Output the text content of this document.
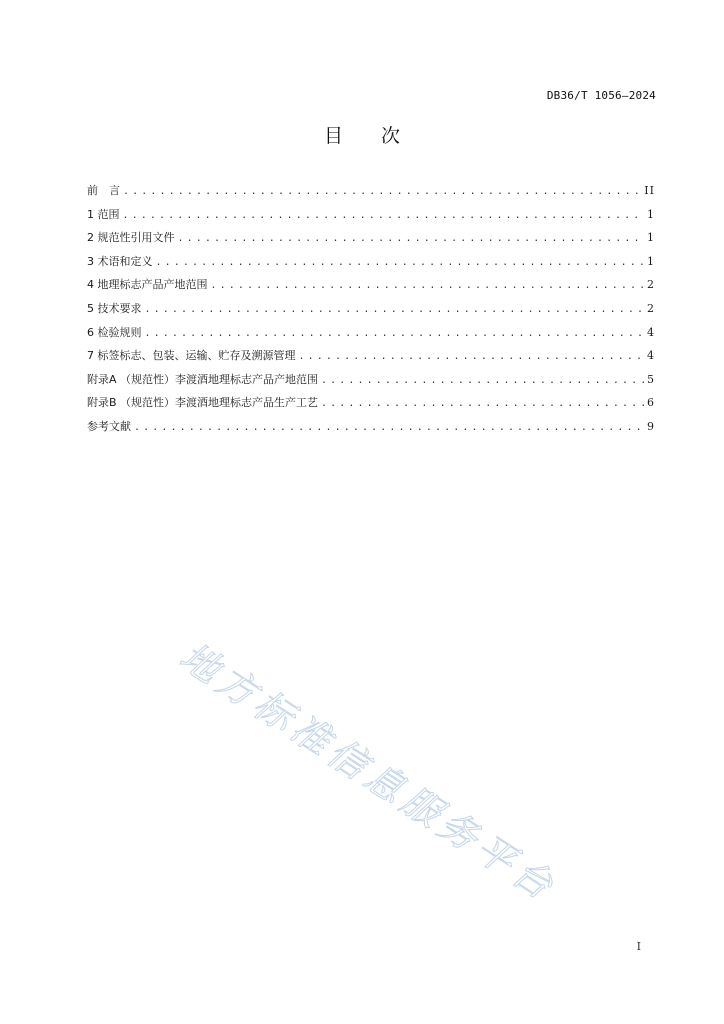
DB36/T 1056—2024
目 次
前　言 .....	II
1 范围 .....	1
2 规范性引用文件 .....	1
3 术语和定义 .....	1
4 地理标志产品产地范围 .....	2
5 技术要求 .....	2
6 检验规则 .....	4
7 标签标志、包装、运输、贮存及溯源管理 .....	4
附录A （规范性）李渡酒地理标志产品产地范围 .....	5
附录B （规范性）李渡酒地理标志产品生产工艺 .....	6
参考文献 .....	9
地方标准信息服务平台
I
